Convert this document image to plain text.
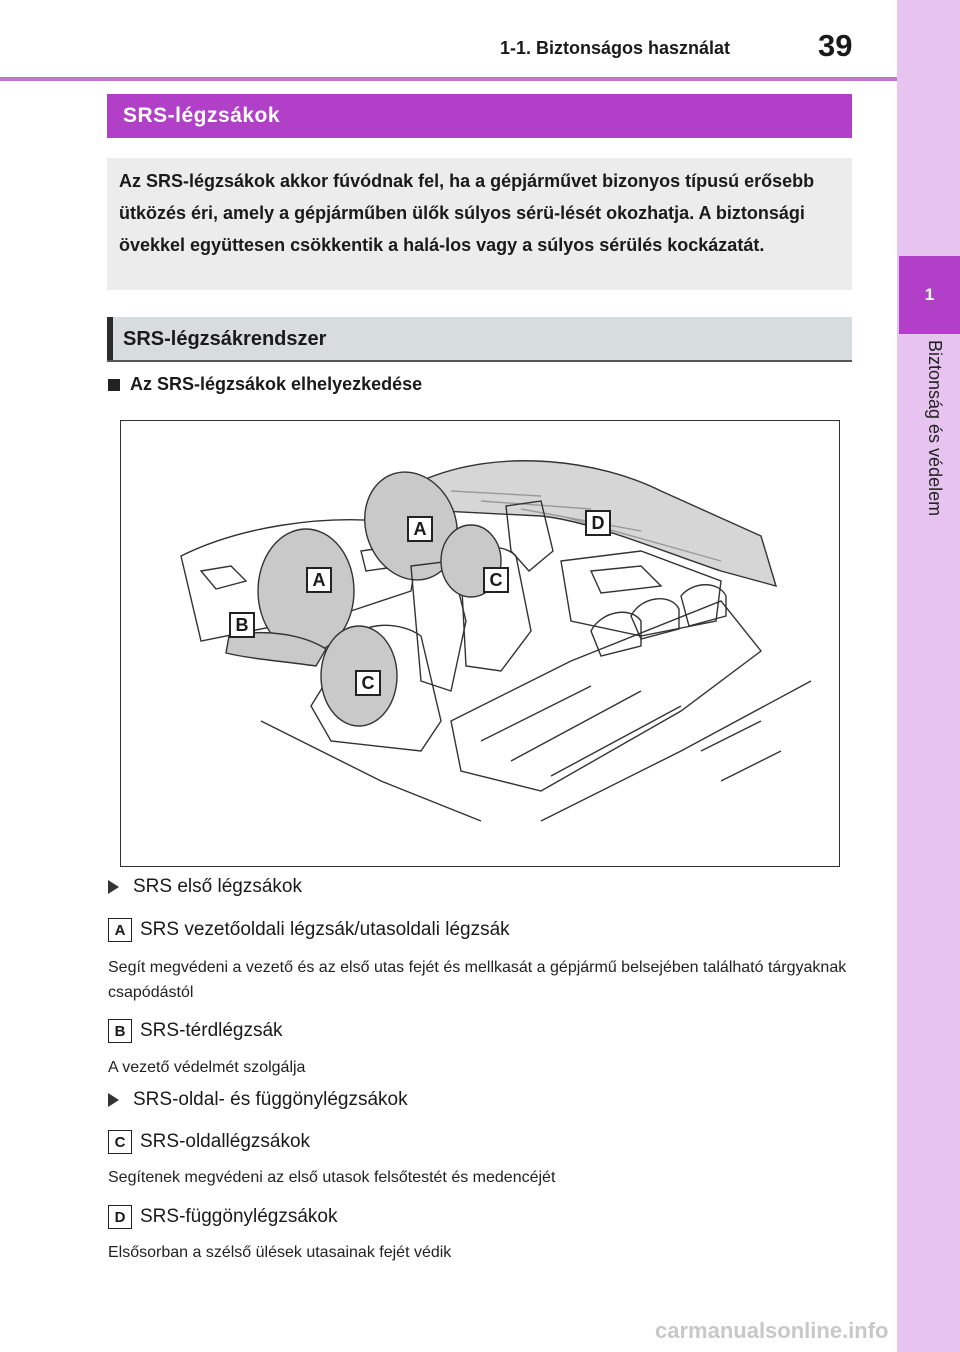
1
Biztonság és védelem
1-1. Biztonságos használat	39
SRS-légzsákok
Az SRS-légzsákok akkor fúvódnak fel, ha a gépjárművet bizonyos típusú erősebb ütközés éri, amely a gépjárműben ülők súlyos sérü-lését okozhatja. A biztonsági övekkel együttesen csökkentik a halá-los vagy a súlyos sérülés kockázatát.
SRS-légzsákrendszer
Az SRS-légzsákok elhelyezkedése
A
A
B
C
C
D
SRS első légzsákok
A SRS vezetőoldali légzsák/utasoldali légzsák
Segít megvédeni a vezető és az első utas fejét és mellkasát a gépjármű belsejében található tárgyaknak csapódástól
B SRS-térdlégzsák
A vezető védelmét szolgálja
SRS-oldal- és függönylégzsákok
C SRS-oldallégzsákok
Segítenek megvédeni az első utasok felsőtestét és medencéjét
D SRS-függönylégzsákok
Elsősorban a szélső ülések utasainak fejét védik
carmanualsonline.info
